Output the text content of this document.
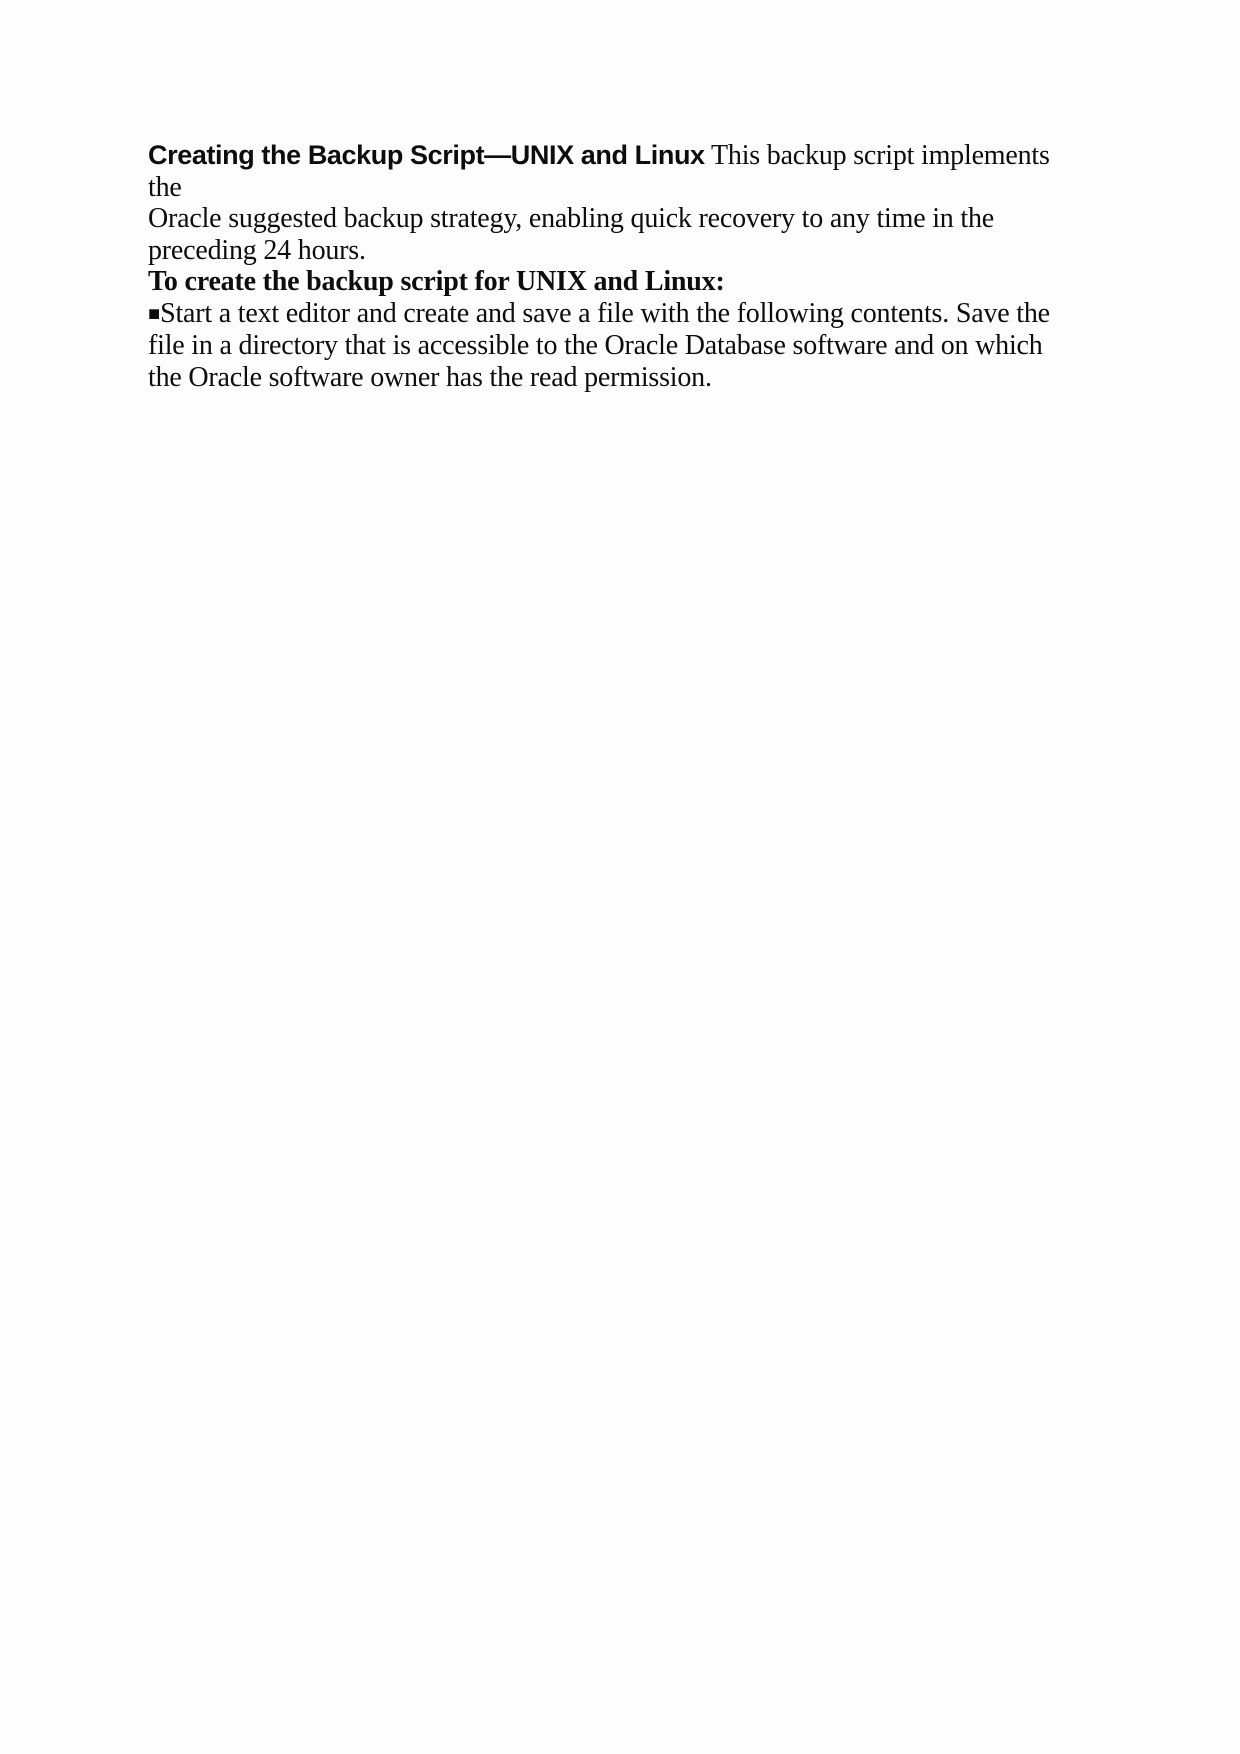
Creating the Backup Script—UNIX and Linux This backup script implements
the
Oracle suggested backup strategy, enabling quick recovery to any time in the
preceding 24 hours.
To create the backup script for UNIX and Linux:
■Start a text editor and create and save a file with the following contents. Save the
file in a directory that is accessible to the Oracle Database software and on which
the Oracle software owner has the read permission.
